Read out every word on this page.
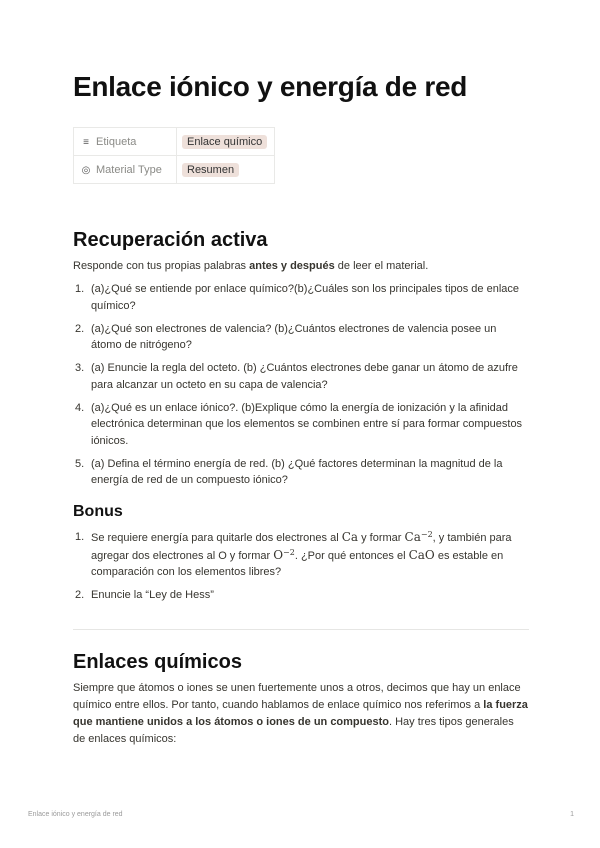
Enlace iónico y energía de red
≡ Etiqueta	Enlace químico
◎ Material Type	Resumen
Recuperación activa

Responde con tus propias palabras antes y después de leer el material.

1. (a)¿Qué se entiende por enlace químico?(b)¿Cuáles son los principales tipos de enlace químico?
2. (a)¿Qué son electrones de valencia? (b)¿Cuántos electrones de valencia posee un átomo de nitrógeno?
3. (a) Enuncie la regla del octeto. (b) ¿Cuántos electrones debe ganar un átomo de azufre para alcanzar un octeto en su capa de valencia?
4. (a)¿Qué es un enlace iónico?. (b)Explique cómo la energía de ionización y la afinidad electrónica determinan que los elementos se combinen entre sí para formar compuestos iónicos.
5. (a) Defina el término energía de red. (b) ¿Qué factores determinan la magnitud de la energía de red de un compuesto iónico?
Bonus
1. Se requiere energía para quitarle dos electrones al Ca y formar $Ca^{-2}$, y también para agregar dos electrones al O y formar $O^{-2}$. ¿Por qué entonces el CaO es estable en comparación con los elementos libres?
2. Enuncie la “Ley de Hess”
Enlaces químicos

Siempre que átomos o iones se unen fuertemente unos a otros, decimos que hay un enlace químico entre ellos. Por tanto, cuando hablamos de enlace químico nos referimos a la fuerza que mantiene unidos a los átomos o iones de un compuesto. Hay tres tipos generales de enlaces químicos:

Enlace iónico y energía de red	1
